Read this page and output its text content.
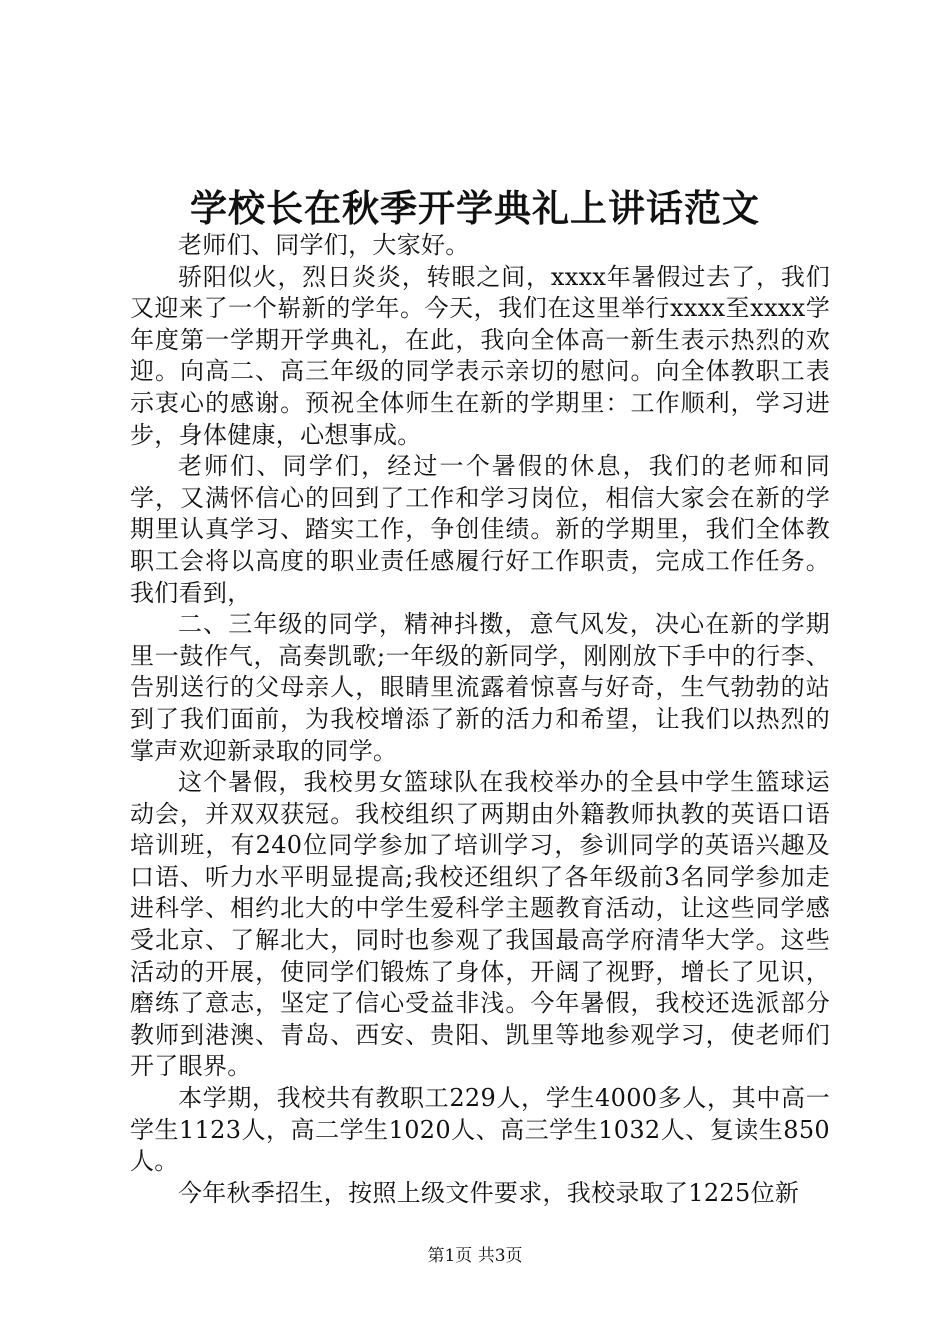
学校长在秋季开学典礼上讲话范文

老师们、同学们，大家好。

骄阳似火，烈日炎炎，转眼之间，xxxx年暑假过去了，我们又迎来了一个崭新的学年。今天，我们在这里举行xxxx至xxxx学年度第一学期开学典礼，在此，我向全体高一新生表示热烈的欢迎。向高二、高三年级的同学表示亲切的慰问。向全体教职工表示衷心的感谢。预祝全体师生在新的学期里：工作顺利，学习进步，身体健康，心想事成。

老师们、同学们，经过一个暑假的休息，我们的老师和同学，又满怀信心的回到了工作和学习岗位，相信大家会在新的学期里认真学习、踏实工作，争创佳绩。新的学期里，我们全体教职工会将以高度的职业责任感履行好工作职责，完成工作任务。我们看到，

二、三年级的同学，精神抖擞，意气风发，决心在新的学期里一鼓作气，高奏凯歌;一年级的新同学，刚刚放下手中的行李、告别送行的父母亲人，眼睛里流露着惊喜与好奇，生气勃勃的站到了我们面前，为我校增添了新的活力和希望，让我们以热烈的掌声欢迎新录取的同学。

这个暑假，我校男女篮球队在我校举办的全县中学生篮球运动会，并双双获冠。我校组织了两期由外籍教师执教的英语口语培训班，有240位同学参加了培训学习，参训同学的英语兴趣及口语、听力水平明显提高;我校还组织了各年级前3名同学参加走进科学、相约北大的中学生爱科学主题教育活动，让这些同学感受北京、了解北大，同时也参观了我国最高学府清华大学。这些活动的开展，使同学们锻炼了身体，开阔了视野，增长了见识，磨练了意志，坚定了信心受益非浅。今年暑假，我校还选派部分教师到港澳、青岛、西安、贵阳、凯里等地参观学习，使老师们开了眼界。

本学期，我校共有教职工229人，学生4000多人，其中高一学生1123人，高二学生1020人、高三学生1032人、复读生850人。

今年秋季招生，按照上级文件要求，我校录取了1225位新

第1页 共3页
